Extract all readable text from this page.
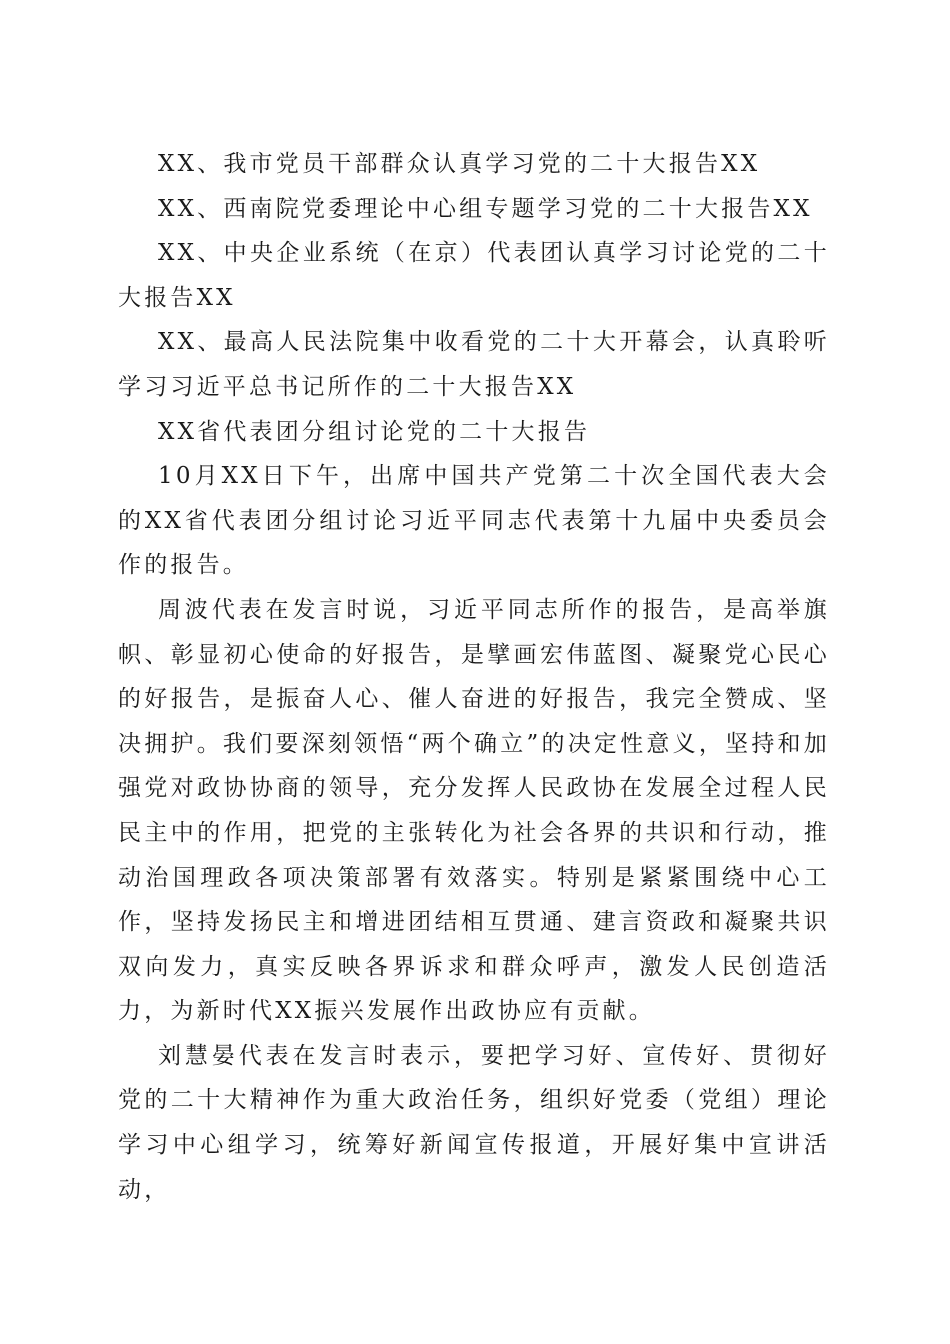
XX、我市党员干部群众认真学习党的二十大报告XX

XX、西南院党委理论中心组专题学习党的二十大报告XX

XX、中央企业系统（在京）代表团认真学习讨论党的二十大报告XX

XX、最高人民法院集中收看党的二十大开幕会，认真聆听学习习近平总书记所作的二十大报告XX

XX省代表团分组讨论党的二十大报告

10月XX日下午，出席中国共产党第二十次全国代表大会的XX省代表团分组讨论习近平同志代表第十九届中央委员会作的报告。

周波代表在发言时说，习近平同志所作的报告，是高举旗帜、彰显初心使命的好报告，是擘画宏伟蓝图、凝聚党心民心的好报告，是振奋人心、催人奋进的好报告，我完全赞成、坚决拥护。我们要深刻领悟“两个确立”的决定性意义，坚持和加强党对政协协商的领导，充分发挥人民政协在发展全过程人民民主中的作用，把党的主张转化为社会各界的共识和行动，推动治国理政各项决策部署有效落实。特别是紧紧围绕中心工作，坚持发扬民主和增进团结相互贯通、建言资政和凝聚共识双向发力，真实反映各界诉求和群众呼声，激发人民创造活力，为新时代XX振兴发展作出政协应有贡献。

刘慧晏代表在发言时表示，要把学习好、宣传好、贯彻好党的二十大精神作为重大政治任务，组织好党委（党组）理论学习中心组学习，统筹好新闻宣传报道，开展好集中宣讲活动，
